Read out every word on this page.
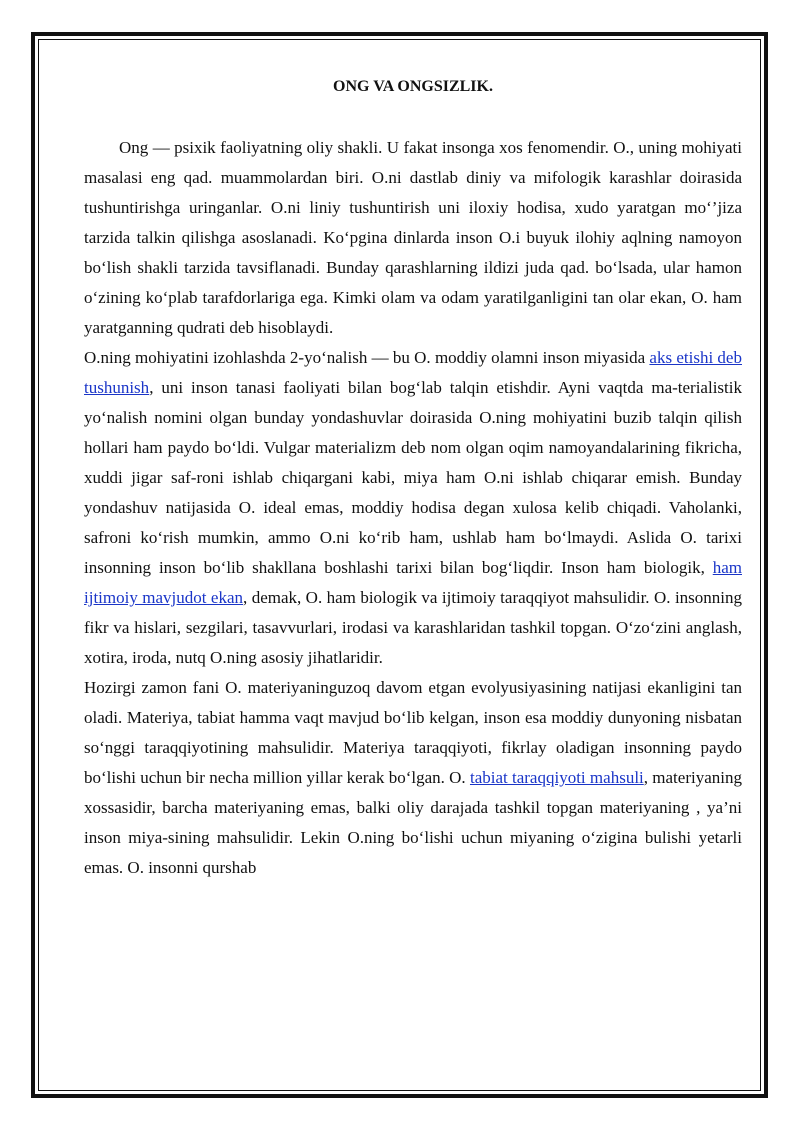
ONG VA ONGSIZLIK.

Ong — psixik faoliyatning oliy shakli. U fakat insonga xos fenomendir. O., uning mohiyati masalasi eng qad. muammolardan biri. O.ni dastlab diniy va mifologik karashlar doirasida tushuntirishga uringanlar. O.ni liniy tushuntirish uni iloxiy hodisa, xudo yaratgan mo‘’jiza tarzida talkin qilishga asoslanadi. Ko‘pgina dinlarda inson O.i buyuk ilohiy aqlning namoyon bo‘lish shakli tarzida tavsiflanadi. Bunday qarashlarning ildizi juda qad. bo‘lsada, ular hamon o‘zining ko‘plab tarafdorlariga ega. Kimki olam va odam yaratilganligini tan olar ekan, O. ham yaratganning qudrati deb hisoblaydi.

O.ning mohiyatini izohlashda 2-yo‘nalish — bu O. moddiy olamni inson miyasida aks etishi deb tushunish, uni inson tanasi faoliyati bilan bog‘lab talqin etishdir. Ayni vaqtda ma-terialistik yo‘nalish nomini olgan bunday yondashuvlar doirasida O.ning mohiyatini buzib talqin qilish hollari ham paydo bo‘ldi. Vulgar materializm deb nom olgan oqim namoyandalarining fikricha, xuddi jigar saf-roni ishlab chiqargani kabi, miya ham O.ni ishlab chiqarar emish. Bunday yondashuv natijasida O. ideal emas, moddiy hodisa degan xulosa kelib chiqadi. Vaholanki, safroni ko‘rish mumkin, ammo O.ni ko‘rib ham, ushlab ham bo‘lmaydi. Aslida O. tarixi insonning inson bo‘lib shakllana boshlashi tarixi bilan bog‘liqdir. Inson ham biologik, ham ijtimoiy mavjudot ekan, demak, O. ham biologik va ijtimoiy taraqqiyot mahsulidir. O. insonning fikr va hislari, sezgilari, tasavvurlari, irodasi va karashlaridan tashkil topgan. O‘zo‘zini anglash, xotira, iroda, nutq O.ning asosiy jihatlaridir.

Hozirgi zamon fani O. materiyaninguzoq davom etgan evolyusiyasining natijasi ekanligini tan oladi. Materiya, tabiat hamma vaqt mavjud bo‘lib kelgan, inson esa moddiy dunyoning nisbatan so‘nggi taraqqiyotining mahsulidir. Materiya taraqqiyoti, fikrlay oladigan insonning paydo bo‘lishi uchun bir necha million yillar kerak bo‘lgan. O. tabiat taraqqiyoti mahsuli, materiyaning xossasidir, barcha materiyaning emas, balki oliy darajada tashkil topgan materiyaning , ya’ni inson miya-sining mahsulidir. Lekin O.ning bo‘lishi uchun miyaning o‘zigina bulishi yetarli emas. O. insonni qurshab
